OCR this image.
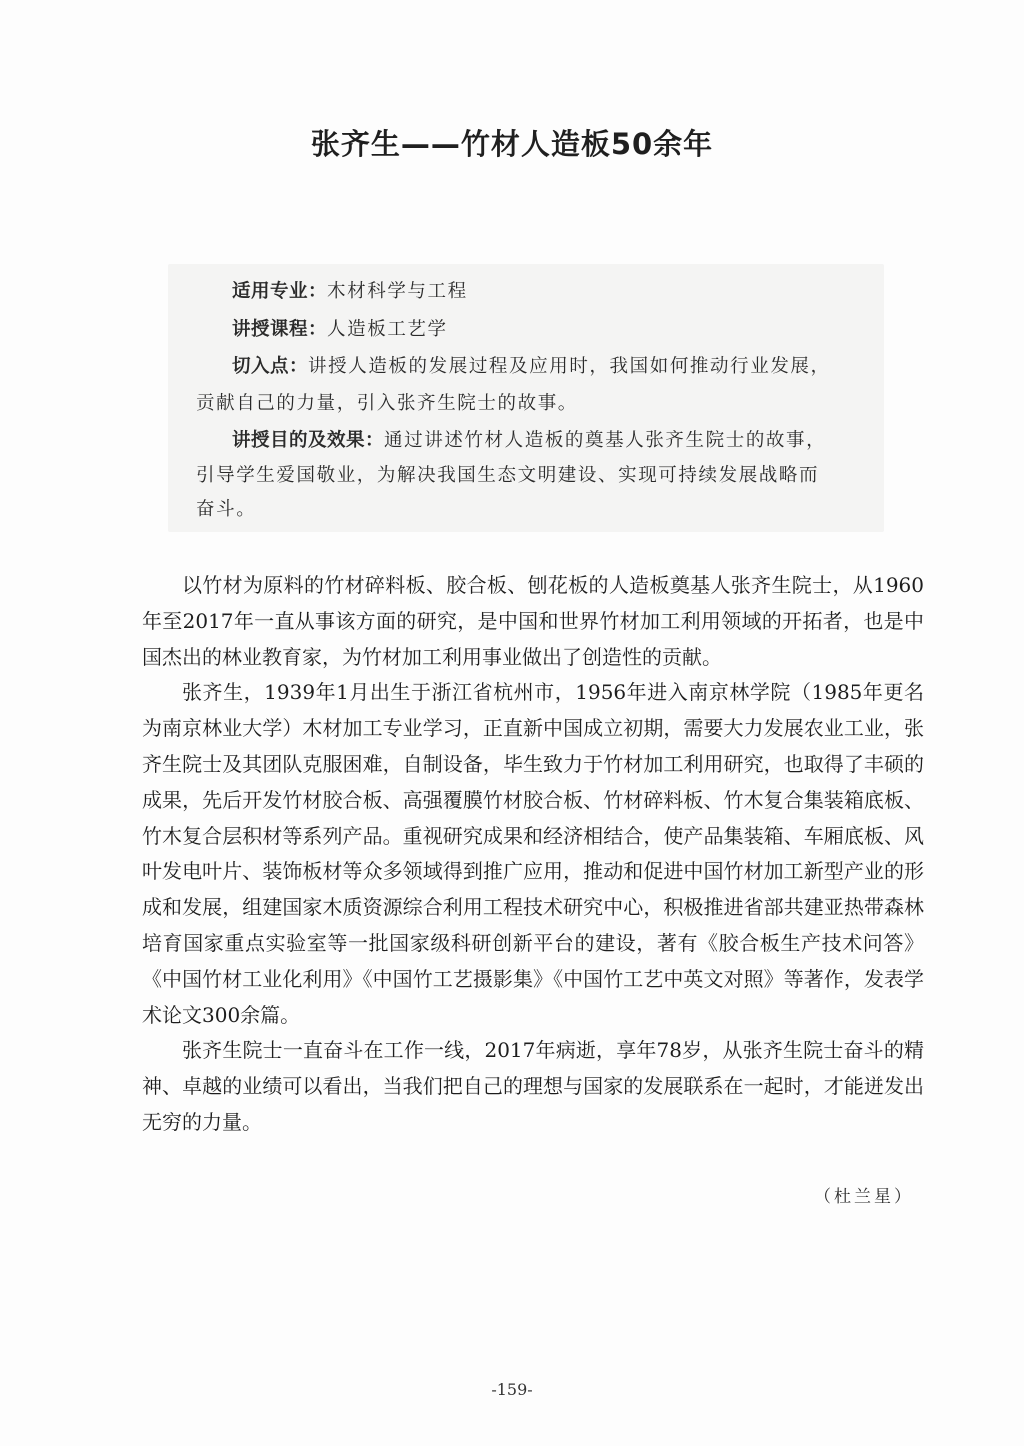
张齐生——竹材人造板50余年
适用专业：木材科学与工程
讲授课程：人造板工艺学
切入点：讲授人造板的发展过程及应用时，我国如何推动行业发展，
贡献自己的力量，引入张齐生院士的故事。
讲授目的及效果：通过讲述竹材人造板的奠基人张齐生院士的故事，
引导学生爱国敬业，为解决我国生态文明建设、实现可持续发展战略而
奋斗。

以竹材为原料的竹材碎料板、胶合板、刨花板的人造板奠基人张齐生院士，从1960年至2017年一直从事该方面的研究，是中国和世界竹材加工利用领域的开拓者，也是中国杰出的林业教育家，为竹材加工利用事业做出了创造性的贡献。

张齐生，1939年1月出生于浙江省杭州市，1956年进入南京林学院（1985年更名为南京林业大学）木材加工专业学习，正直新中国成立初期，需要大力发展农业工业，张齐生院士及其团队克服困难，自制设备，毕生致力于竹材加工利用研究，也取得了丰硕的成果，先后开发竹材胶合板、高强覆膜竹材胶合板、竹材碎料板、竹木复合集装箱底板、竹木复合层积材等系列产品。重视研究成果和经济相结合，使产品集装箱、车厢底板、风叶发电叶片、装饰板材等众多领域得到推广应用，推动和促进中国竹材加工新型产业的形成和发展，组建国家木质资源综合利用工程技术研究中心，积极推进省部共建亚热带森林培育国家重点实验室等一批国家级科研创新平台的建设，著有《胶合板生产技术问答》《中国竹材工业化利用》《中国竹工艺摄影集》《中国竹工艺中英文对照》等著作，发表学术论文300余篇。

张齐生院士一直奋斗在工作一线，2017年病逝，享年78岁，从张齐生院士奋斗的精神、卓越的业绩可以看出，当我们把自己的理想与国家的发展联系在一起时，才能迸发出无穷的力量。

（杜兰星）
-159-
